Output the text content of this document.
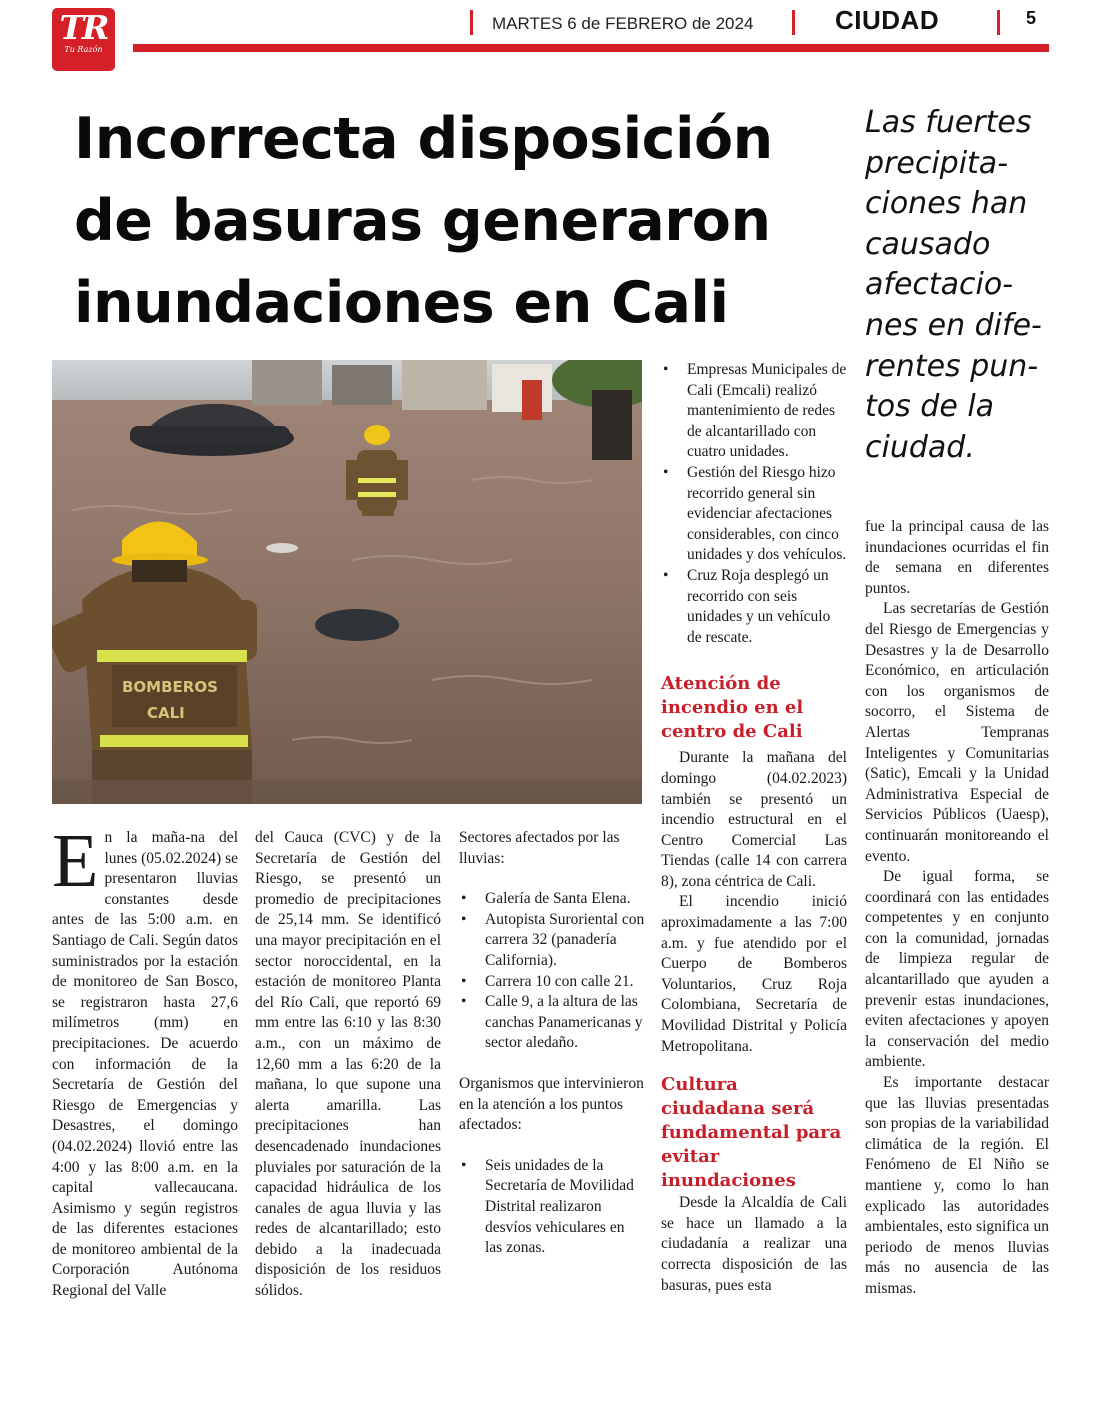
TR
Tu Razón
MARTES 6 de FEBRERO de 2024	CIUDAD	5
Incorrecta disposición de basuras generaron inundaciones en Cali

Las fuertes precipita-ciones han causado afectacio-nes en dife-rentes pun-tos de la ciudad.

BOMBEROS
CALI

En la maña-na del lunes (05.02.2024) se presentaron lluvias constantes desde antes de las 5:00 a.m. en Santiago de Cali. Según datos suministrados por la estación de monitoreo de San Bosco, se registraron hasta 27,6 milímetros (mm) en precipitaciones. De acuerdo con información de la Secretaría de Gestión del Riesgo de Emergencias y Desastres, el domingo (04.02.2024) llovió entre las 4:00 y las 8:00 a.m. en la capital vallecaucana. Asimismo y según registros de las diferentes estaciones de monitoreo ambiental de la Corporación Autónoma Regional del Valle

del Cauca (CVC) y de la Secretaría de Gestión del Riesgo, se presentó un promedio de precipitaciones de 25,14 mm. Se identificó una mayor precipitación en el sector noroccidental, en la estación de monitoreo Planta del Río Cali, que reportó 69 mm entre las 6:10 y las 8:30 a.m., con un máximo de 12,60 mm a las 6:20 de la mañana, lo que supone una alerta amarilla. Las precipitaciones han desencadenado inundaciones pluviales por saturación de la capacidad hidráulica de los canales de agua lluvia y las redes de alcantarillado; esto debido a la inadecuada disposición de los residuos sólidos.

Sectores afectados por las lluvias:

• Galería de Santa Elena.
• Autopista Suroriental con carrera 32 (panadería California).
• Carrera 10 con calle 21.
• Calle 9, a la altura de las canchas Panamericanas y sector aledaño.

Organismos que intervinieron en la atención a los puntos afectados:

• Seis unidades de la Secretaría de Movilidad Distrital realizaron desvíos vehiculares en las zonas.
• Empresas Municipales de Cali (Emcali) realizó mantenimiento de redes de alcantarillado con cuatro unidades.
• Gestión del Riesgo hizo recorrido general sin evidenciar afectaciones considerables, con cinco unidades y dos vehículos.
• Cruz Roja desplegó un recorrido con seis unidades y un vehículo de rescate.
Atención de incendio en el centro de Cali

Durante la mañana del domingo (04.02.2023) también se presentó un incendio estructural en el Centro Comercial Las Tiendas (calle 14 con carrera 8), zona céntrica de Cali.

El incendio inició aproximadamente a las 7:00 a.m. y fue atendido por el Cuerpo de Bomberos Voluntarios, Cruz Roja Colombiana, Secretaría de Movilidad Distrital y Policía Metropolitana.

Cultura ciudadana será fundamental para evitar inundaciones

Desde la Alcaldía de Cali se hace un llamado a la ciudadanía a realizar una correcta disposición de las basuras, pues esta

fue la principal causa de las inundaciones ocurridas el fin de semana en diferentes puntos.

Las secretarías de Gestión del Riesgo de Emergencias y Desastres y la de Desarrollo Económico, en articulación con los organismos de socorro, el Sistema de Alertas Tempranas Inteligentes y Comunitarias (Satic), Emcali y la Unidad Administrativa Especial de Servicios Públicos (Uaesp), continuarán monitoreando el evento.

De igual forma, se coordinará con las entidades competentes y en conjunto con la comunidad, jornadas de limpieza regular de alcantarillado que ayuden a prevenir estas inundaciones, eviten afectaciones y apoyen la conservación del medio ambiente.

Es importante destacar que las lluvias presentadas son propias de la variabilidad climática de la región. El Fenómeno de El Niño se mantiene y, como lo han explicado las autoridades ambientales, esto significa un periodo de menos lluvias más no ausencia de las mismas.
